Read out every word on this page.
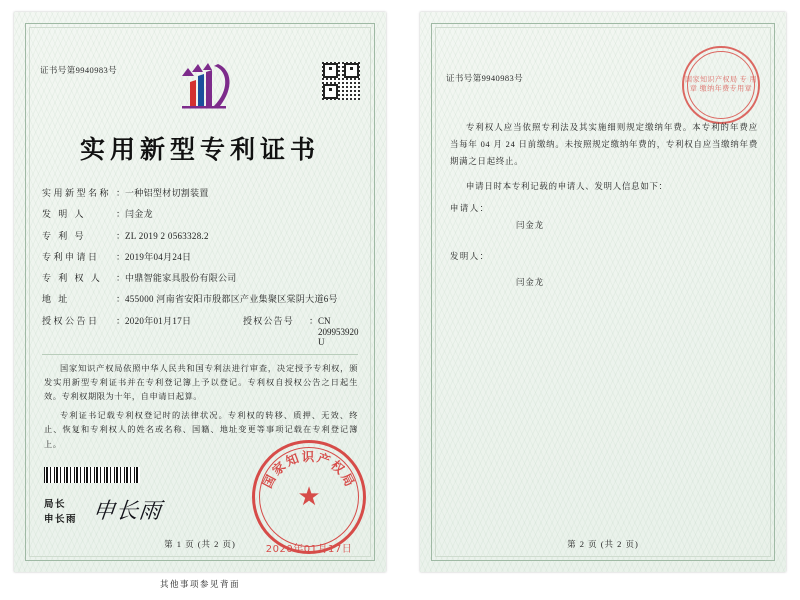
证书号第9940983号
实用新型专利证书
实用新型名称 ： 一种铝型材切割装置
发 明 人	： 闫金龙
专 利 号	： ZL 2019 2 0563328.2
专利申请日	： 2019年04月24日
专 利 权 人	： 中鼎智能家具股份有限公司
地 址	： 455000 河南省安阳市殷都区产业集聚区棠阴大道6号
授权公告日	： 2020年01月17日	授权公告号	： CN 209953920 U

国家知识产权局依照中华人民共和国专利法进行审查，决定授予专利权，颁发实用新型专利证书并在专利登记簿上予以登记。专利权自授权公告之日起生效。专利权期限为十年，自申请日起算。

专利证书记载专利权登记时的法律状况。专利权的转移、质押、无效、终止、恢复和专利权人的姓名或名称、国籍、地址变更等事项记载在专利登记簿上。

局长
申长雨 申长雨
国家知识产权局
★
2020年01月17日
第 1 页 (共 2 页)
其他事项参见背面
证书号第9940983号	国家知识产权局 专 用 章 缴纳年费专用章

专利权人应当依照专利法及其实施细则规定缴纳年费。本专利的年费应当每年 04 月 24 日前缴纳。未按照规定缴纳年费的，专利权自应当缴纳年费期满之日起终止。

申请日时本专利记载的申请人、发明人信息如下：
申请人：
闫金龙
发明人：
闫金龙
第 2 页 (共 2 页)
